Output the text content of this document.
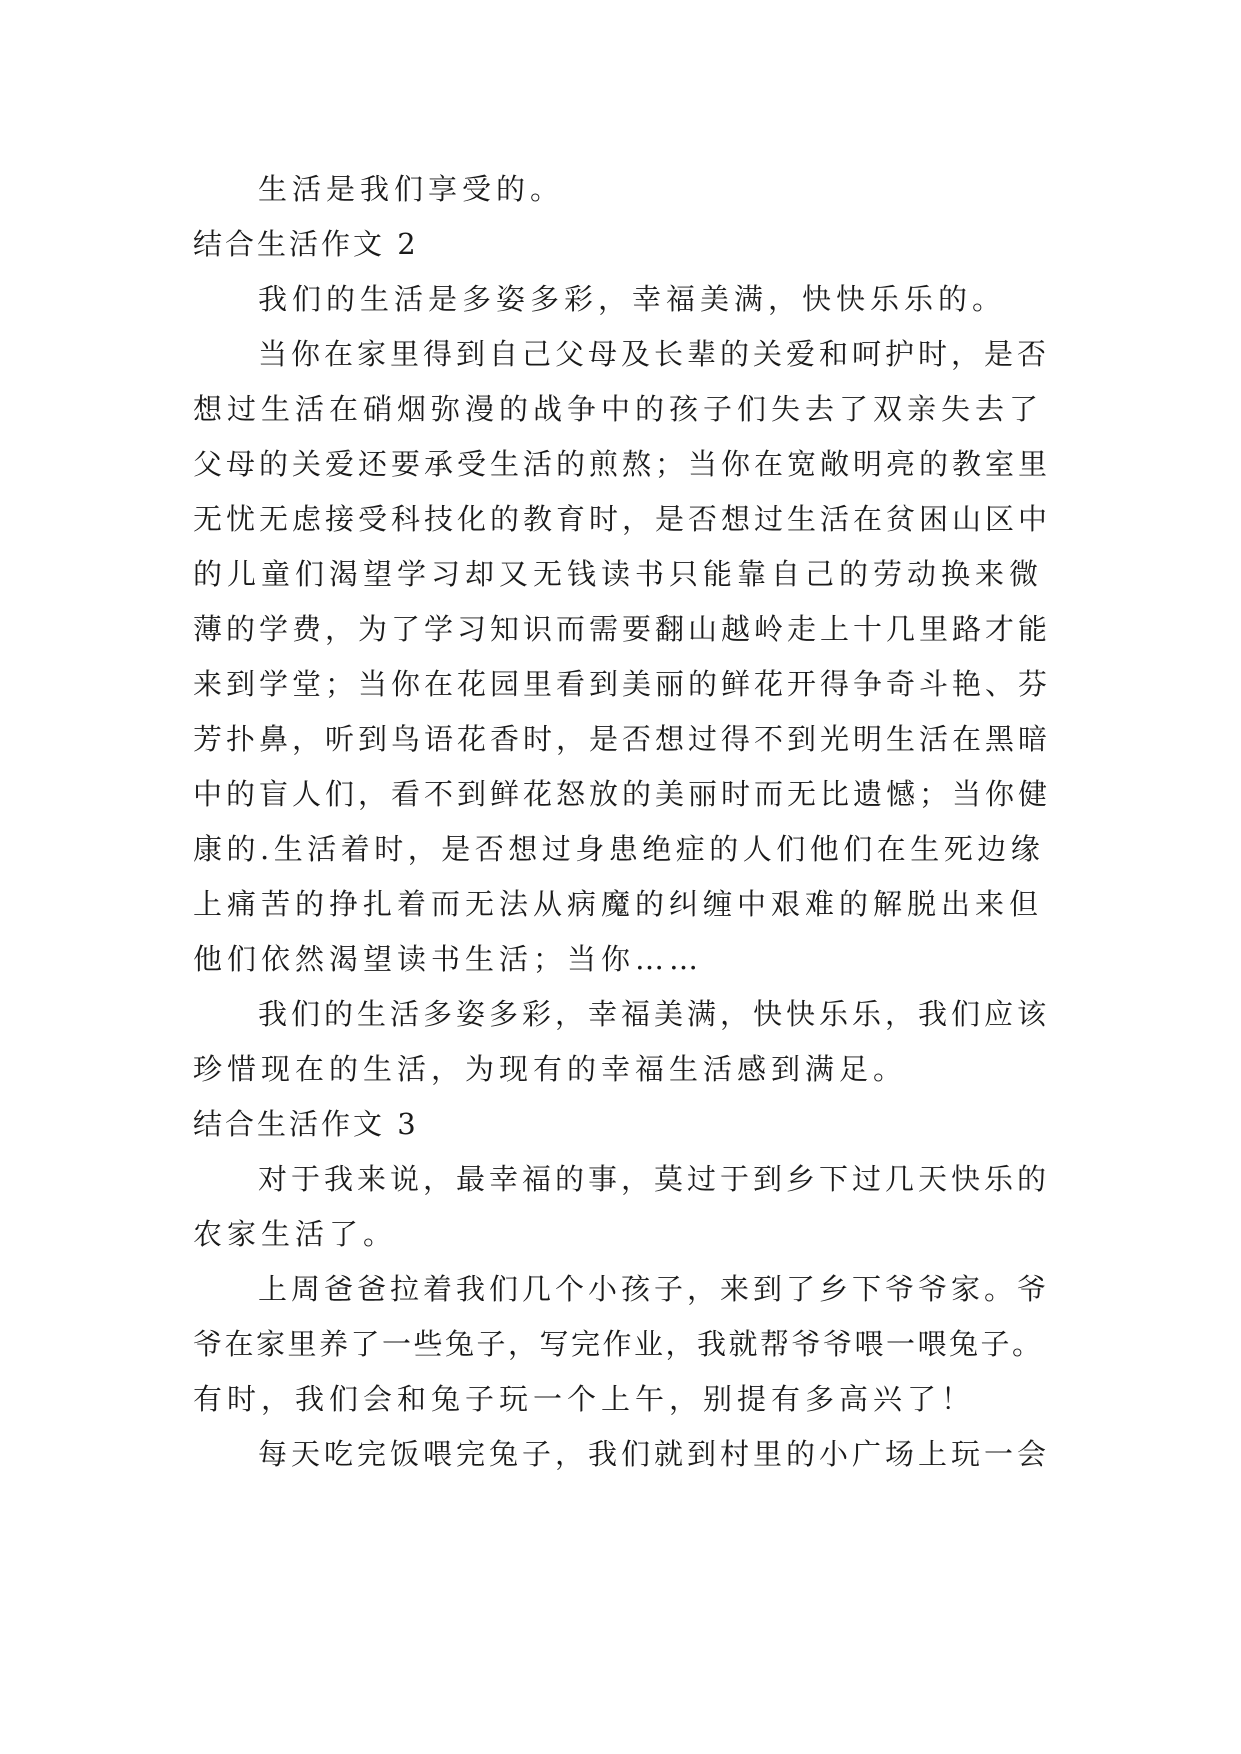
生活是我们享受的。
结合生活作文 2
我们的生活是多姿多彩，幸福美满，快快乐乐的。
当你在家里得到自己父母及长辈的关爱和呵护时，是否
想过生活在硝烟弥漫的战争中的孩子们失去了双亲失去了
父母的关爱还要承受生活的煎熬；当你在宽敞明亮的教室里
无忧无虑接受科技化的教育时，是否想过生活在贫困山区中
的儿童们渴望学习却又无钱读书只能靠自己的劳动换来微
薄的学费，为了学习知识而需要翻山越岭走上十几里路才能
来到学堂；当你在花园里看到美丽的鲜花开得争奇斗艳、芬
芳扑鼻，听到鸟语花香时，是否想过得不到光明生活在黑暗
中的盲人们，看不到鲜花怒放的美丽时而无比遗憾；当你健
康的.生活着时，是否想过身患绝症的人们他们在生死边缘
上痛苦的挣扎着而无法从病魔的纠缠中艰难的解脱出来但
他们依然渴望读书生活；当你……
我们的生活多姿多彩，幸福美满，快快乐乐，我们应该
珍惜现在的生活，为现有的幸福生活感到满足。
结合生活作文 3
对于我来说，最幸福的事，莫过于到乡下过几天快乐的
农家生活了。
上周爸爸拉着我们几个小孩子，来到了乡下爷爷家。爷
爷在家里养了一些兔子，写完作业，我就帮爷爷喂一喂兔子。
有时，我们会和兔子玩一个上午，别提有多高兴了！
每天吃完饭喂完兔子，我们就到村里的小广场上玩一会
